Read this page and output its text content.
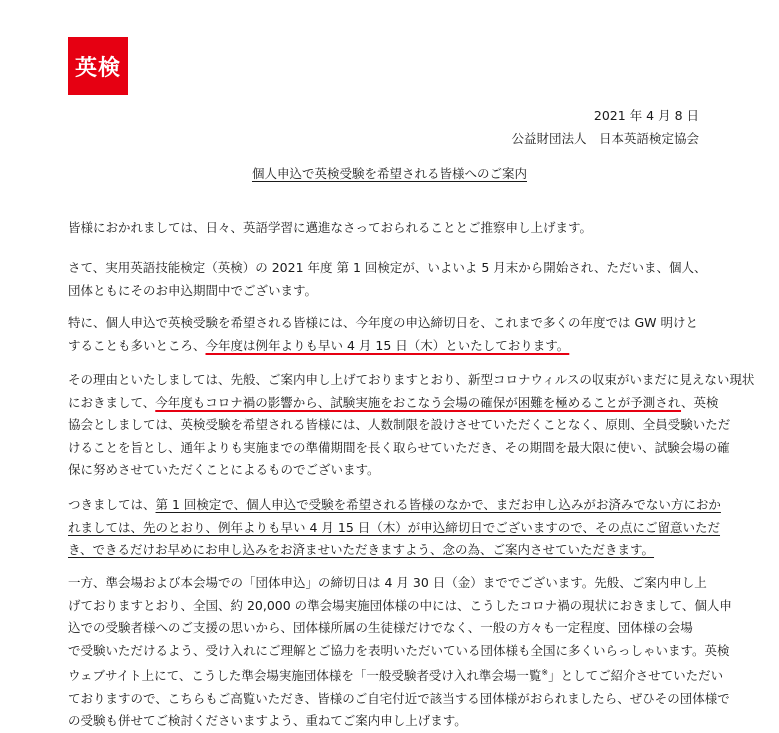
英検
2021 年 4 月 8 日
公益財団法人　日本英語検定協会
個人申込で英検受験を希望される皆様へのご案内

皆様におかれましては、日々、英語学習に邁進なさっておられることとご推察申し上げます。

さて、実用英語技能検定（英検）の 2021 年度 第 1 回検定が、いよいよ 5 月末から開始され、ただいま、個人、
団体ともにそのお申込期間中でございます。

特に、個人申込で英検受験を希望される皆様には、今年度の申込締切日を、これまで多くの年度では GW 明けと
することも多いところ、今年度は例年よりも早い 4 月 15 日（木）といたしております。

その理由といたしましては、先般、ご案内申し上げておりますとおり、新型コロナウィルスの収束がいまだに見えない現状
におきまして、今年度もコロナ禍の影響から、試験実施をおこなう会場の確保が困難を極めることが予測され、英検
協会としましては、英検受験を希望される皆様には、人数制限を設けさせていただくことなく、原則、全員受験いただ
けることを旨とし、通年よりも実施までの準備期間を長く取らせていただき、その期間を最大限に使い、試験会場の確
保に努めさせていただくことによるものでございます。

つきましては、第 1 回検定で、個人申込で受験を希望される皆様のなかで、まだお申し込みがお済みでない方におか
れましては、先のとおり、例年よりも早い 4 月 15 日（木）が申込締切日でございますので、その点にご留意いただ
き、できるだけお早めにお申し込みをお済ませいただきますよう、念の為、ご案内させていただきます。

一方、準会場および本会場での「団体申込」の締切日は 4 月 30 日（金）まででございます。先般、ご案内申し上
げておりますとおり、全国、約 20,000 の準会場実施団体様の中には、こうしたコロナ禍の現状におきまして、個人申
込での受験者様へのご支援の思いから、団体様所属の生徒様だけでなく、一般の方々も一定程度、団体様の会場
で受験いただけるよう、受け入れにご理解とご協力を表明いただいている団体様も全国に多くいらっしゃいます。英検
ウェブサイト上にて、こうした準会場実施団体様を「一般受験者受け入れ準会場一覧※」としてご紹介させていただい
ておりますので、こちらもご高覧いただき、皆様のご自宅付近で該当する団体様がおられましたら、ぜひその団体様で
の受験も併せてご検討くださいますよう、重ねてご案内申し上げます。
